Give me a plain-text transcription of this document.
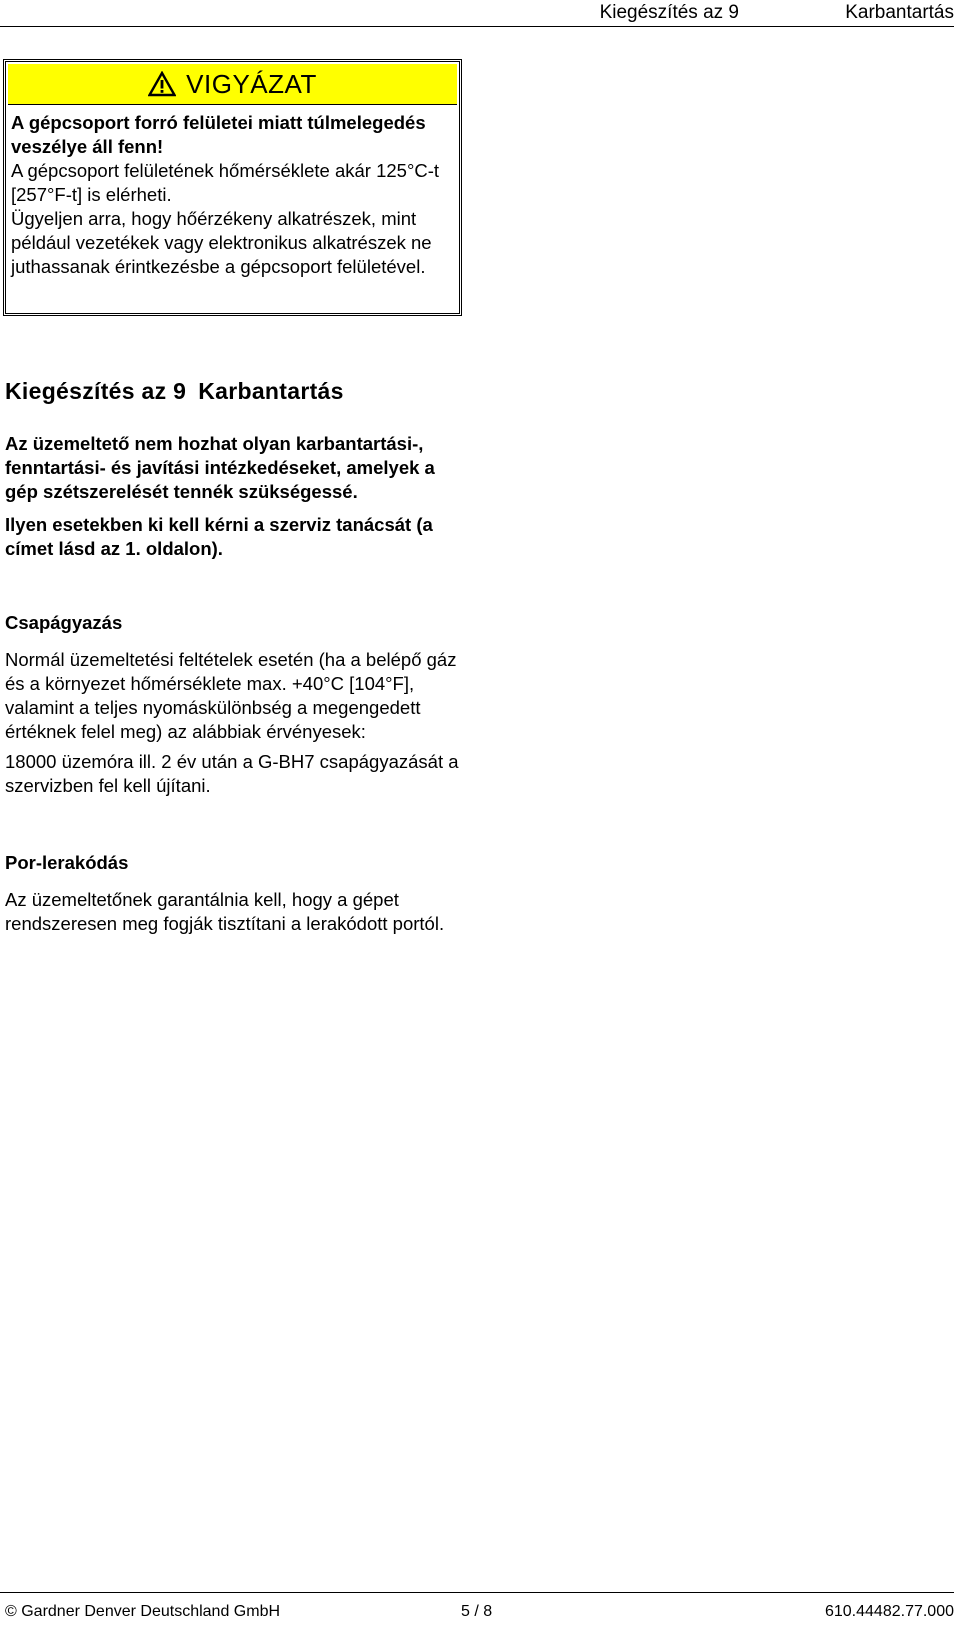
Kiegészítés az 9	Karbantartás
VIGYÁZAT
A gépcsoport forró felületei miatt túlmelegedés veszélye áll fenn!
A gépcsoport felületének hőmérséklete akár 125°C-t [257°F-t] is elérheti.
Ügyeljen arra, hogy hőérzékeny alkatrészek, mint például vezetékek vagy elektronikus alkatrészek ne juthassanak érintkezésbe a gépcsoport felületével.
Kiegészítés az 9 Karbantartás

Az üzemeltető nem hozhat olyan karbantartási-, fenntartási- és javítási intézkedéseket, amelyek a gép szétszerelését tennék szükségessé.

Ilyen esetekben ki kell kérni a szerviz tanácsát (a címet lásd az 1. oldalon).

Csapágyazás

Normál üzemeltetési feltételek esetén (ha a belépő gáz és a környezet hőmérséklete max. +40°C [104°F], valamint a teljes nyomáskülönbség a megengedett értéknek felel meg) az alábbiak érvényesek:

18000 üzemóra ill. 2 év után a G-BH7 csapágyazását a szervizben fel kell újítani.

Por-lerakódás

Az üzemeltetőnek garantálnia kell, hogy a gépet rendszeresen meg fogják tisztítani a lerakódott portól.

© Gardner Denver Deutschland GmbH	5 / 8	610.44482.77.000
